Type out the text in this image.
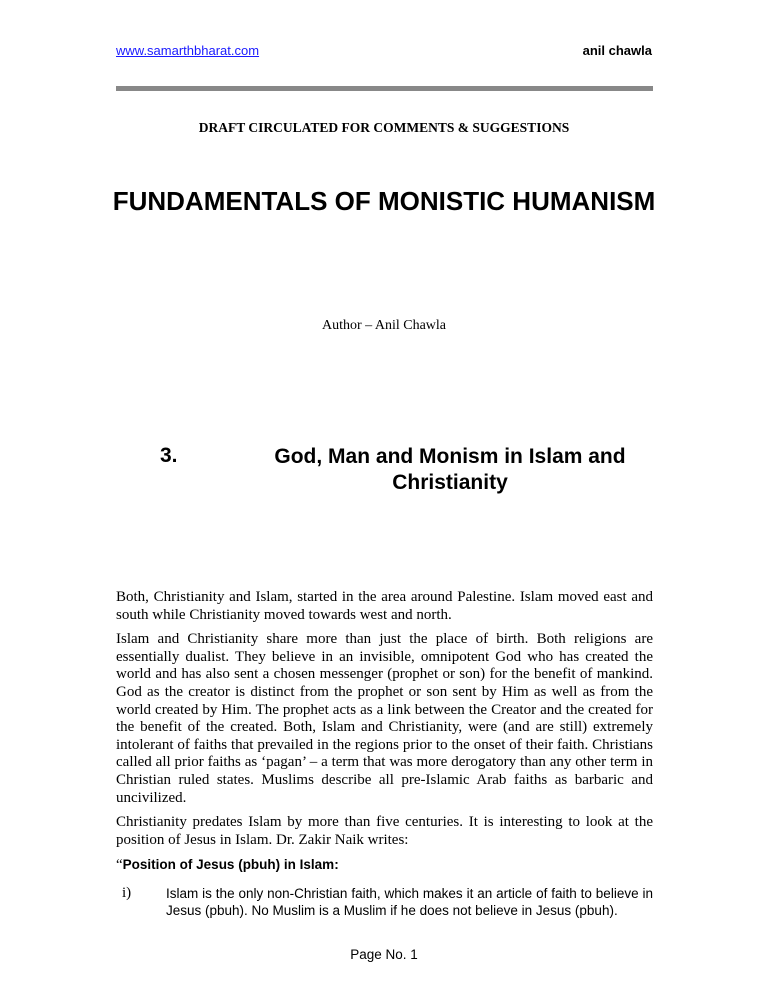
www.samarthbharat.com	anil chawla
DRAFT CIRCULATED FOR COMMENTS & SUGGESTIONS
FUNDAMENTALS OF MONISTIC HUMANISM
Author – Anil Chawla
3.	God, Man and Monism in Islam and Christianity

Both, Christianity and Islam, started in the area around Palestine. Islam moved east and south while Christianity moved towards west and north.

Islam and Christianity share more than just the place of birth. Both religions are essentially dualist. They believe in an invisible, omnipotent God who has created the world and has also sent a chosen messenger (prophet or son) for the benefit of mankind. God as the creator is distinct from the prophet or son sent by Him as well as from the world created by Him. The prophet acts as a link between the Creator and the created for the benefit of the created. Both, Islam and Christianity, were (and are still) extremely intolerant of faiths that prevailed in the regions prior to the onset of their faith. Christians called all prior faiths as ‘pagan’ – a term that was more derogatory than any other term in Christian ruled states. Muslims describe all pre-Islamic Arab faiths as barbaric and uncivilized.

Christianity predates Islam by more than five centuries. It is interesting to look at the position of Jesus in Islam. Dr. Zakir Naik writes:

“Position of Jesus (pbuh) in Islam:
i)	Islam is the only non-Christian faith, which makes it an article of faith to believe in Jesus (pbuh). No Muslim is a Muslim if he does not believe in Jesus (pbuh).
Page No. 1
